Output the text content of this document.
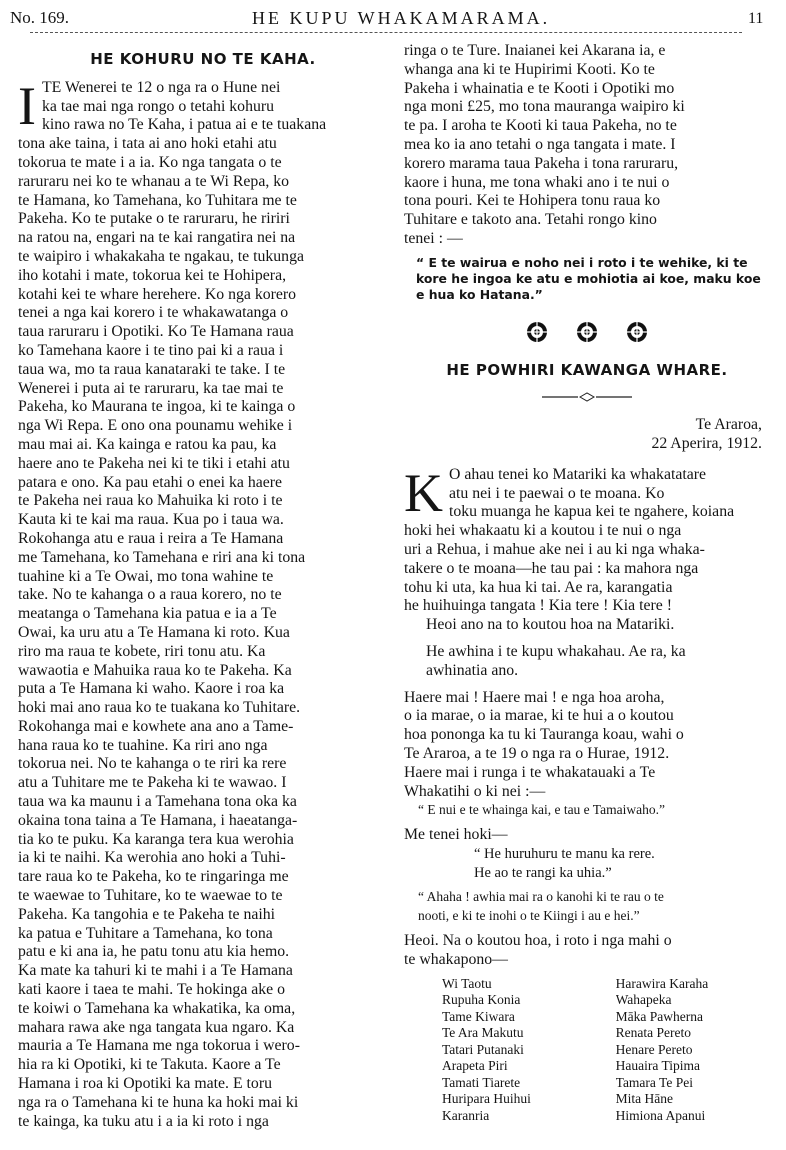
No. 169.	HE KUPU WHAKAMARAMA.	11
HE KOHURU NO TE KAHA.
I TE Wenerei te 12 o nga ra o Hune nei
ka tae mai nga rongo o tetahi kohuru
kino rawa no Te Kaha, i patua ai e te tuakana
tona ake taina, i tata ai ano hoki etahi atu
tokorua te mate i a ia. Ko nga tangata o te
raruraru nei ko te whanau a te Wi Repa, ko
te Hamana, ko Tamehana, ko Tuhitara me te
Pakeha. Ko te putake o te raruraru, he ririri
na ratou na, engari na te kai rangatira nei na
te waipiro i whakakaha te ngakau, te tukunga
iho kotahi i mate, tokorua kei te Hohipera,
kotahi kei te whare herehere. Ko nga korero
tenei a nga kai korero i te whakawatanga o
taua raruraru i Opotiki. Ko Te Hamana raua
ko Tamehana kaore i te tino pai ki a raua i
taua wa, mo ta raua kanataraki te take. I te
Wenerei i puta ai te raruraru, ka tae mai te
Pakeha, ko Maurana te ingoa, ki te kainga o
nga Wi Repa. E ono ona pounamu wehike i
mau mai ai. Ka kainga e ratou ka pau, ka
haere ano te Pakeha nei ki te tiki i etahi atu
patara e ono. Ka pau etahi o enei ka haere
te Pakeha nei raua ko Mahuika ki roto i te
Kauta ki te kai ma raua. Kua po i taua wa.
Rokohanga atu e raua i reira a Te Hamana
me Tamehana, ko Tamehana e riri ana ki tona
tuahine ki a Te Owai, mo tona wahine te
take. No te kahanga o a raua korero, no te
meatanga o Tamehana kia patua e ia a Te
Owai, ka uru atu a Te Hamana ki roto. Kua
riro ma raua te kobete, riri tonu atu. Ka
wawaotia e Mahuika raua ko te Pakeha. Ka
puta a Te Hamana ki waho. Kaore i roa ka
hoki mai ano raua ko te tuakana ko Tuhitare.
Rokohanga mai e kowhete ana ano a Tame-
hana raua ko te tuahine. Ka riri ano nga
tokorua nei. No te kahanga o te riri ka rere
atu a Tuhitare me te Pakeha ki te wawao. I
taua wa ka maunu i a Tamehana tona oka ka
okaina tona taina a Te Hamana, i haeatanga-
tia ko te puku. Ka karanga tera kua werohia
ia ki te naihi. Ka werohia ano hoki a Tuhi-
tare raua ko te Pakeha, ko te ringaringa me
te waewae to Tuhitare, ko te waewae to te
Pakeha. Ka tangohia e te Pakeha te naihi
ka patua e Tuhitare a Tamehana, ko tona
patu e ki ana ia, he patu tonu atu kia hemo.
Ka mate ka tahuri ki te mahi i a Te Hamana
kati kaore i taea te mahi. Te hokinga ake o
te koiwi o Tamehana ka whakatika, ka oma,
mahara rawa ake nga tangata kua ngaro. Ka
mauria a Te Hamana me nga tokorua i wero-
hia ra ki Opotiki, ki te Takuta. Kaore a Te
Hamana i roa ki Opotiki ka mate. E toru
nga ra o Tamehana ki te huna ka hoki mai ki
te kainga, ka tuku atu i a ia ki roto i nga
ringa o te Ture. Inaianei kei Akarana ia, e
whanga ana ki te Hupirimi Kooti. Ko te
Pakeha i whainatia e te Kooti i Opotiki mo
nga moni £25, mo tona mauranga waipiro ki
te pa. I aroha te Kooti ki taua Pakeha, no te
mea ko ia ano tetahi o nga tangata i mate. I
korero marama taua Pakeha i tona raruraru,
kaore i huna, me tona whaki ano i te nui o
tona pouri. Kei te Hohipera tonu raua ko
Tuhitare e takoto ana. Tetahi rongo kino
tenei : —
“ E te wairua e noho nei i roto i te wehike, ki te kore he ingoa ke atu e mohiotia ai koe, maku koe e hua ko Hatana.”

HE POWHIRI KAWANGA WHARE.
Te Araroa,
22 Aperira, 1912.
K O ahau tenei ko Matariki ka whakatatare
atu nei i te paewai o te moana. Ko
toku muanga he kapua kei te ngahere, koiana
hoki hei whakaatu ki a koutou i te nui o nga
uri a Rehua, i mahue ake nei i au ki nga whaka-
takere o te moana—he tau pai : ka mahora nga
tohu ki uta, ka hua ki tai. Ae ra, karangatia
he huihuinga tangata ! Kia tere ! Kia tere !
Heoi ano na to koutou hoa na Matariki.
He awhina i te kupu whakahau. Ae ra, ka
awhinatia ano.
Haere mai ! Haere mai ! e nga hoa aroha,
o ia marae, o ia marae, ki te hui a o koutou
hoa pononga ka tu ki Tauranga koau, wahi o
Te Araroa, a te 19 o nga ra o Hurae, 1912.
Haere mai i runga i te whakatauaki a Te
Whakatihi o ki nei :—
“ E nui e te whainga kai, e tau e Tamaiwaho.”
Me tenei hoki—
“ He huruhuru te manu ka rere.
He ao te rangi ka uhia.”
“ Ahaha ! awhia mai ra o kanohi ki te rau o te
nooti, e ki te inohi o te Kiingi i au e hei.”
Heoi. Na o koutou hoa, i roto i nga mahi o
te whakapono—
Wi Taotu
Rupuha Konia
Tame Kiwara
Te Ara Makutu
Tatari Putanaki
Arapeta Piri
Tamati Tiarete
Huripara Huihui
Karanria
Harawira Karaha
Wahapeka
Māka Pawherna
Renata Pereto
Henare Pereto
Hauaira Tipima
Tamara Te Pei
Mita Hāne
Himiona Apanui
